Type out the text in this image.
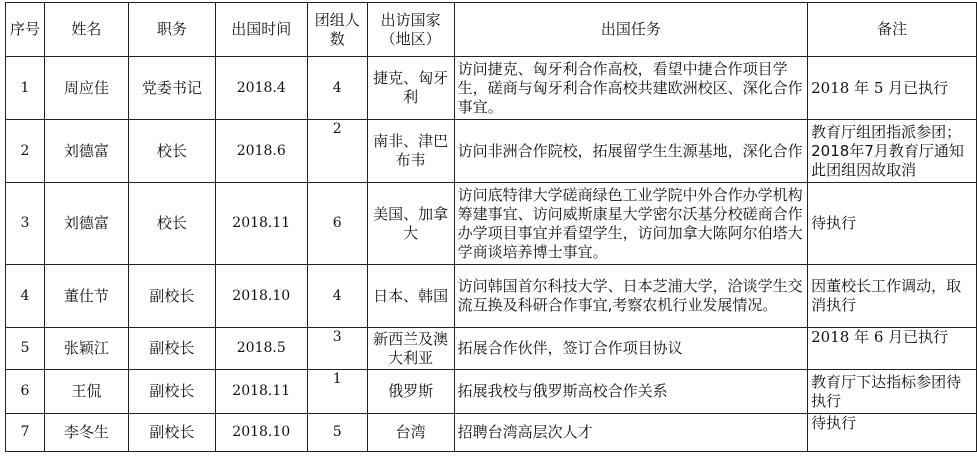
序号	姓名	职务	出国时间	团组人数	出访国家（地区）	出国任务	备注
1	周应佳	党委书记	2018.4	4	捷克、匈牙利	访问捷克、匈牙利合作高校，看望中捷合作项目学生，磋商与匈牙利合作高校共建欧洲校区、深化合作事宜。	2018 年 5 月已执行
2	刘德富	校长	2018.6	2	南非、津巴布韦	访问非洲合作院校，拓展留学生生源基地，深化合作	教育厅组团指派参团；2018年7月教育厅通知此团组因故取消
3	刘德富	校长	2018.11	6	美国、加拿大	访问底特律大学磋商绿色工业学院中外合作办学机构筹建事宜、访问威斯康星大学密尔沃基分校磋商合作办学项目事宜并看望学生，访问加拿大陈阿尔伯塔大学商谈培养博士事宜。	待执行
4	董仕节	副校长	2018.10	4	日本、韩国	访问韩国首尔科技大学、日本芝浦大学，洽谈学生交流互换及科研合作事宜,考察农机行业发展情况。	因董校长工作调动，取消执行
5	张颖江	副校长	2018.5	3	新西兰及澳大利亚	拓展合作伙伴，签订合作项目协议	2018 年 6 月已执行
6	王侃	副校长	2018.11	1	俄罗斯	拓展我校与俄罗斯高校合作关系	教育厅下达指标参团待执行
7	李冬生	副校长	2018.10	5	台湾	招聘台湾高层次人才	待执行
